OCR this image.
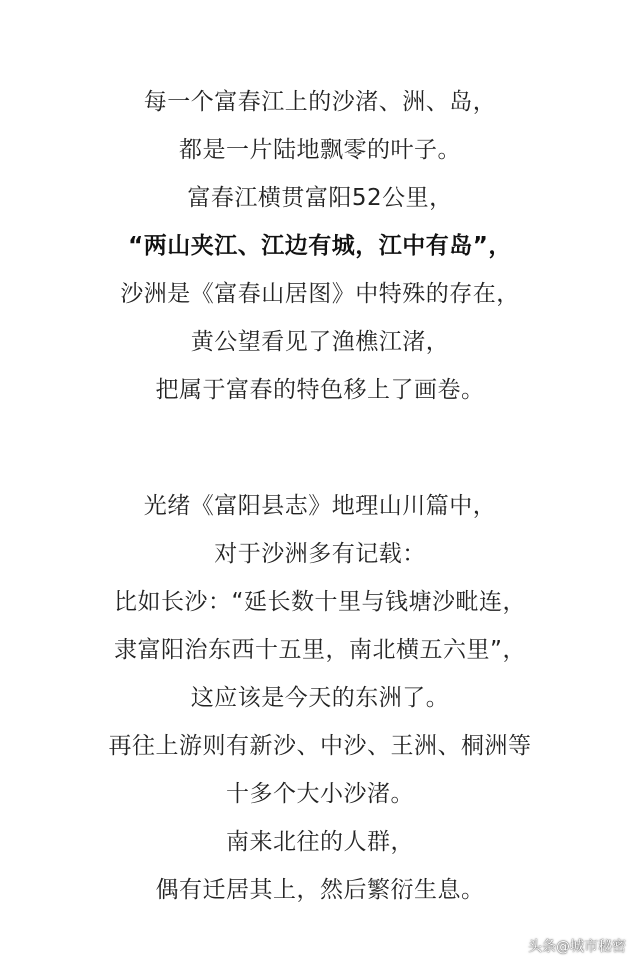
每一个富春江上的沙渚、洲、岛，
都是一片陆地飘零的叶子。
富春江横贯富阳52公里，
“两山夹江、江边有城，江中有岛”，
沙洲是《富春山居图》中特殊的存在，
黄公望看见了渔樵江渚，
把属于富春的特色移上了画卷。
光绪《富阳县志》地理山川篇中，
对于沙洲多有记载：
比如长沙：“延长数十里与钱塘沙毗连，
隶富阳治东西十五里，南北横五六里”，
这应该是今天的东洲了。
再往上游则有新沙、中沙、王洲、桐洲等
十多个大小沙渚。
南来北往的人群，
偶有迁居其上，然后繁衍生息。
头条@城市秘密
